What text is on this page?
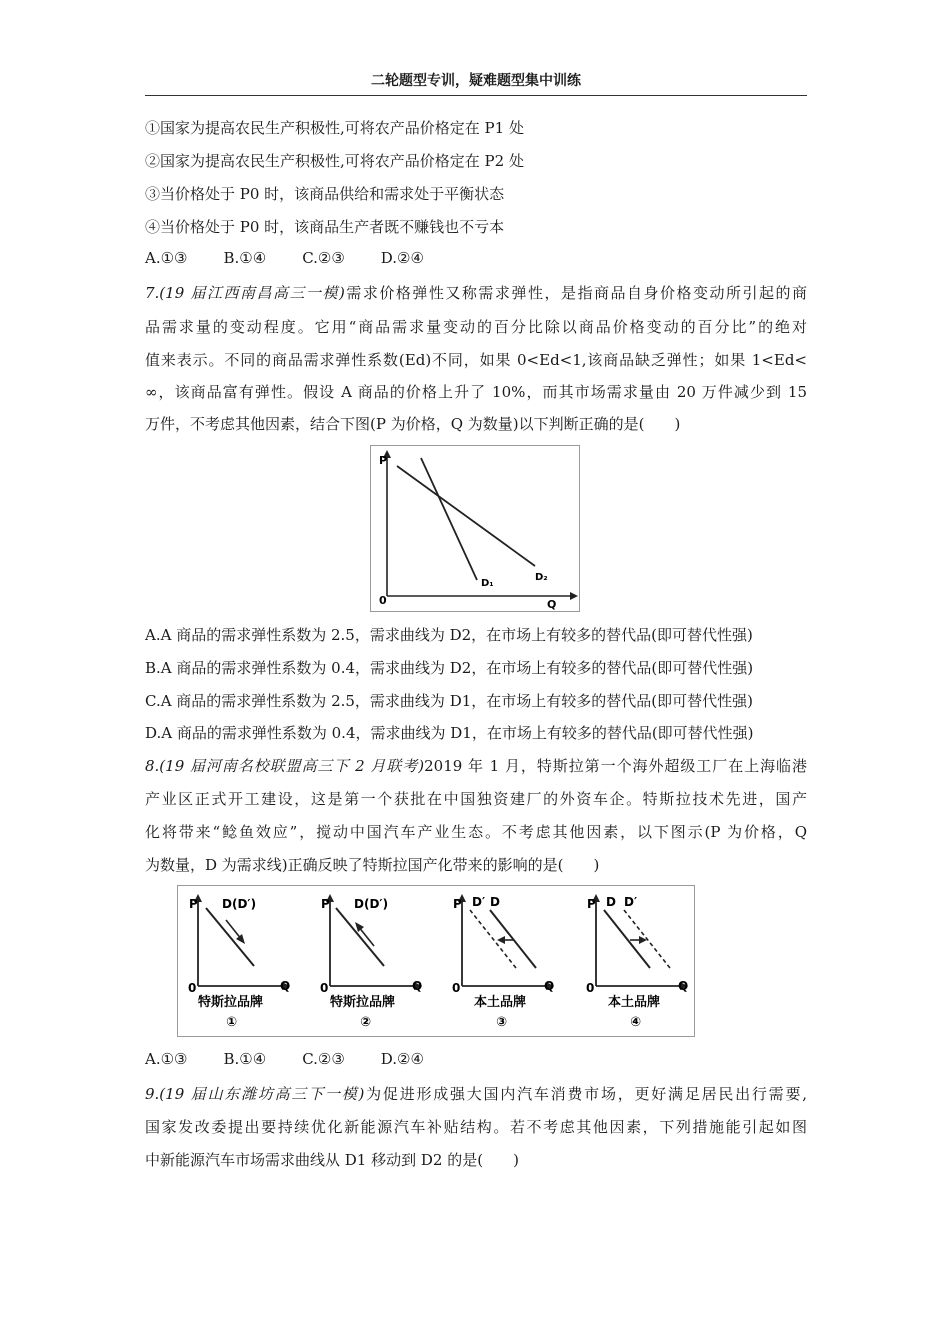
二轮题型专训，疑难题型集中训练
①国家为提高农民生产积极性,可将农产品价格定在 P1 处
②国家为提高农民生产积极性,可将农产品价格定在 P2 处
③当价格处于 P0 时，该商品供给和需求处于平衡状态
④当价格处于 P0 时，该商品生产者既不赚钱也不亏本
A.①③ B.①④ C.②③ D.②④
7.(19 届江西南昌高三一模)需求价格弹性又称需求弹性，是指商品自身价格变动所引起的商
品需求量的变动程度。它用“商品需求量变动的百分比除以商品价格变动的百分比”的绝对
值来表示。不同的商品需求弹性系数(Ed)不同，如果 0<Ed<1,该商品缺乏弹性；如果 1<Ed<
∞，该商品富有弹性。假设 A 商品的价格上升了 10%，而其市场需求量由 20 万件减少到 15
万件，不考虑其他因素，结合下图(P 为价格，Q 为数量)以下判断正确的是(　　)
P
0	Q
D₁
D₂
A.A 商品的需求弹性系数为 2.5，需求曲线为 D2，在市场上有较多的替代品(即可替代性强)
B.A 商品的需求弹性系数为 0.4，需求曲线为 D2，在市场上有较多的替代品(即可替代性强)
C.A 商品的需求弹性系数为 2.5，需求曲线为 D1，在市场上有较多的替代品(即可替代性强)
D.A 商品的需求弹性系数为 0.4，需求曲线为 D1，在市场上有较多的替代品(即可替代性强)
8.(19 届河南名校联盟高三下 2 月联考)2019 年 1 月，特斯拉第一个海外超级工厂在上海临港
产业区正式开工建设，这是第一个获批在中国独资建厂的外资车企。特斯拉技术先进，国产
化将带来“鲶鱼效应”，搅动中国汽车产业生态。不考虑其他因素，以下图示(P 为价格，Q
为数量，D 为需求线)正确反映了特斯拉国产化带来的影响的是(　　)
P
0	Q
D(D′)
特斯拉品牌
①
P
0	Q
D(D′)
特斯拉品牌
②
P
0	Q
D′ D
本土品牌
③
P
0	Q
D D′
本土品牌
④
A.①③ B.①④ C.②③ D.②④
9.(19 届山东潍坊高三下一模)为促进形成强大国内汽车消费市场，更好满足居民出行需要,
国家发改委提出要持续优化新能源汽车补贴结构。若不考虑其他因素，下列措施能引起如图
中新能源汽车市场需求曲线从 D1 移动到 D2 的是(　　)
